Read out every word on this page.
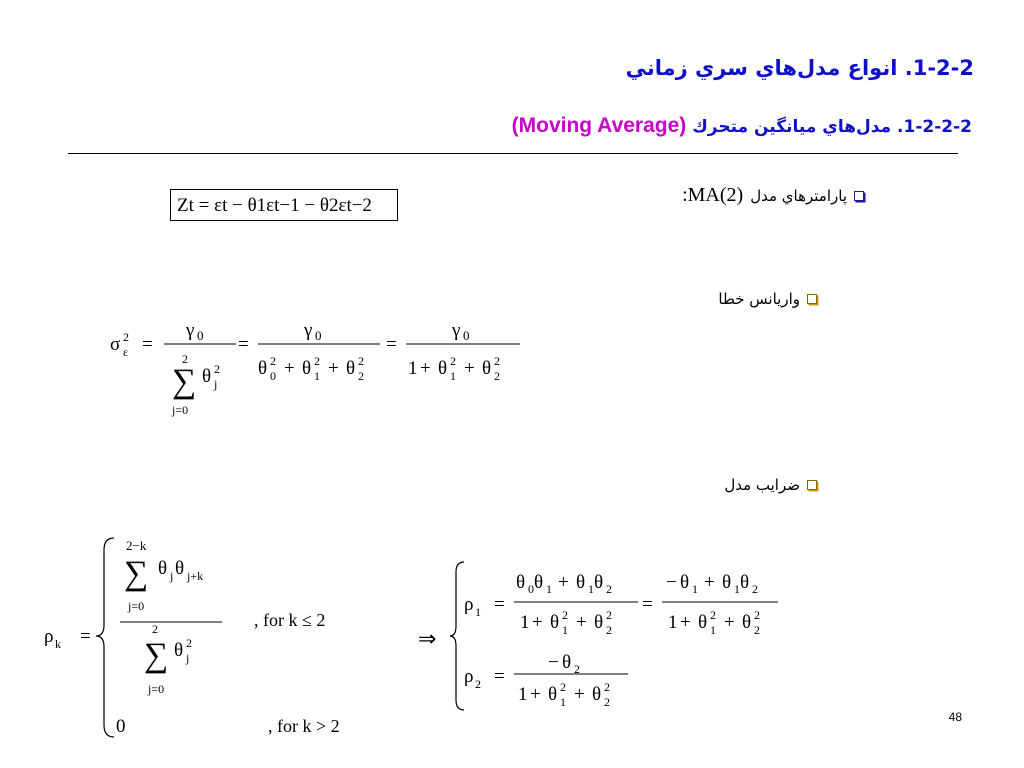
1-2-2. انواع مدل‌هاي سري زماني
1-2-2-2. مدل‌هاي ميانگين متحرك (Moving Average)
پارامترهاي مدل
:MA(2)
Zt = εt − θ1εt−1 − θ2εt−2
واريانس خطا
σ 2
ε =
γ 0
2
∑ θ 2
j
j=0
=
γ 0
θ 2
0 + θ 2
1 + θ 2
2
=
γ 0
1 + θ 2
1 + θ 2
2
ضرايب مدل
ρ k =
2−k
∑ θ j θ j+k
j=0
2
∑ θ 2
j
j=0
, for k ≤ 2
0	, for k > 2
⇒
ρ 1 =
θ 0 θ 1 + θ 1 θ 2
1 + θ 2
1 + θ 2
2
=
− θ 1 + θ 1 θ 2
1 + θ 2
1 + θ 2
2
ρ 2 =
− θ 2
1 + θ 2
1 + θ 2
2
48
